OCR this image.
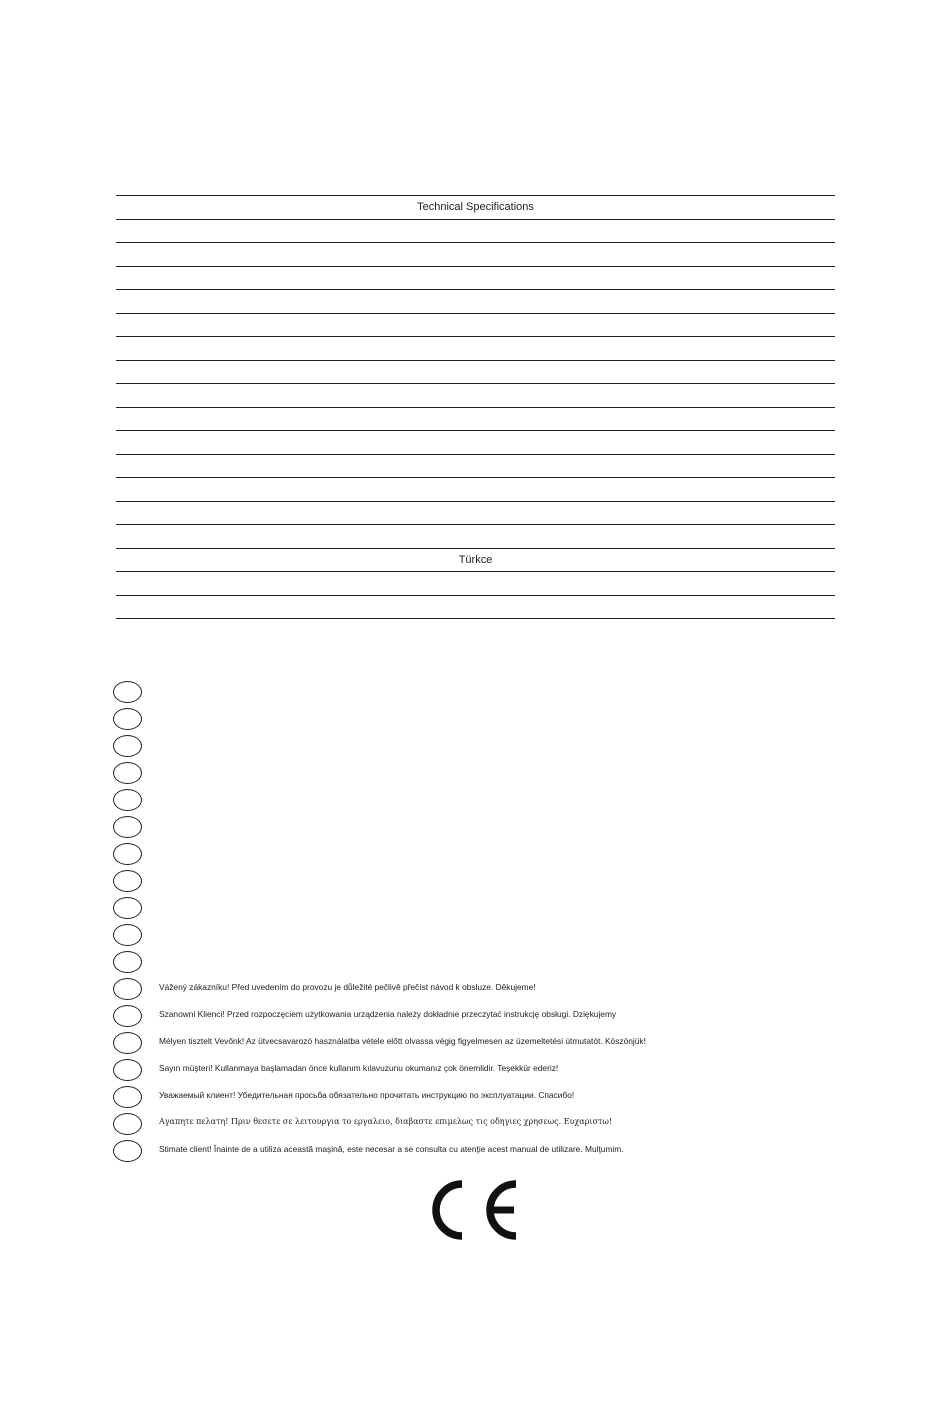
Technical Specifications
Türkce
Vážený zákazníku! Před uvedením do provozu je důležité pečlivě přečíst návod k obsluze. Děkujeme!
Szanowni Klienci! Przed rozpoczęciem użytkowania urządzenia należy dokładnie przeczytać instrukcję obsługi. Dziękujemy
Mélyen tisztelt Vevőnk! Az ütvecsavarozó használatba vétele előtt olvassa végig figyelmesen az üzemeltetési útmutatót. Köszönjük!
Sayın müşteri! Kullanmaya başlamadan önce kullanım kılavuzunu okumanız çok önemlidir. Teşekkür ederiz!
Уважаемый клиент! Убедительная просьба обязательно прочитать инструкцию по эксплуатации. Спасибо!
Αγαπητε πελατη! Πριν θεσετε σε λειτουργια το εργαλειο, διαβαστε επιμελως τις οδηγιες χρησεως. Ευχαριστω!
Stimate client! Înainte de a utiliza această maşină, este necesar a se consulta cu atenţie acest manual de utilizare. Mulţumim.
